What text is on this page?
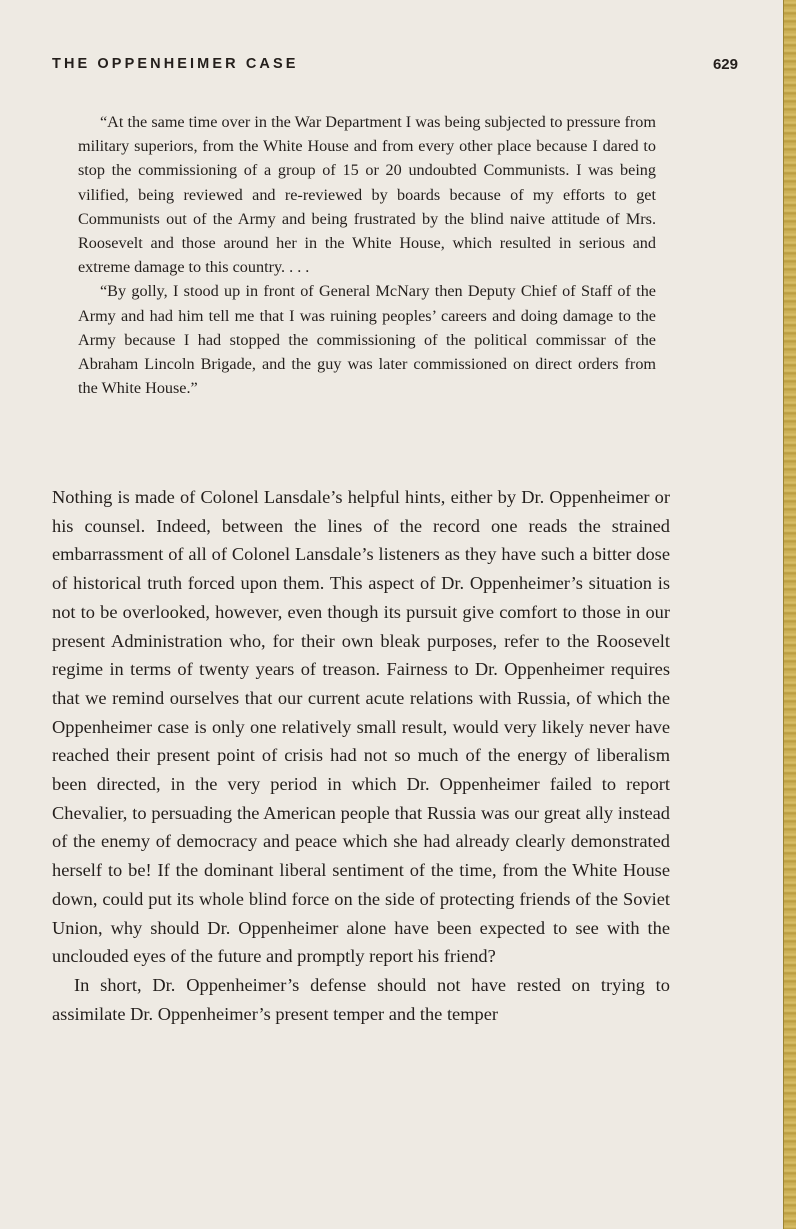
THE OPPENHEIMER CASE	629

“At the same time over in the War Department I was being subjected to pressure from military superiors, from the White House and from every other place because I dared to stop the commissioning of a group of 15 or 20 undoubted Communists. I was being vilified, being reviewed and re-reviewed by boards because of my efforts to get Communists out of the Army and being frustrated by the blind naive attitude of Mrs. Roosevelt and those around her in the White House, which resulted in serious and extreme damage to this country. . . .

“By golly, I stood up in front of General McNary then Deputy Chief of Staff of the Army and had him tell me that I was ruining peoples’ careers and doing damage to the Army because I had stopped the commissioning of the political commissar of the Abraham Lincoln Brigade, and the guy was later commissioned on direct orders from the White House.”

Nothing is made of Colonel Lansdale’s helpful hints, either by Dr. Oppenheimer or his counsel. Indeed, between the lines of the record one reads the strained embarrassment of all of Colonel Lansdale’s listeners as they have such a bitter dose of historical truth forced upon them. This aspect of Dr. Oppenheimer’s situation is not to be overlooked, however, even though its pursuit give comfort to those in our present Administration who, for their own bleak purposes, refer to the Roosevelt regime in terms of twenty years of treason. Fairness to Dr. Oppenheimer requires that we remind ourselves that our current acute relations with Russia, of which the Oppenheimer case is only one relatively small result, would very likely never have reached their present point of crisis had not so much of the energy of liberalism been directed, in the very period in which Dr. Oppenheimer failed to report Chevalier, to persuading the American people that Russia was our great ally instead of the enemy of democracy and peace which she had already clearly demonstrated herself to be! If the dominant liberal sentiment of the time, from the White House down, could put its whole blind force on the side of protecting friends of the Soviet Union, why should Dr. Oppenheimer alone have been expected to see with the unclouded eyes of the future and promptly report his friend?

In short, Dr. Oppenheimer’s defense should not have rested on trying to assimilate Dr. Oppenheimer’s present temper and the temper
